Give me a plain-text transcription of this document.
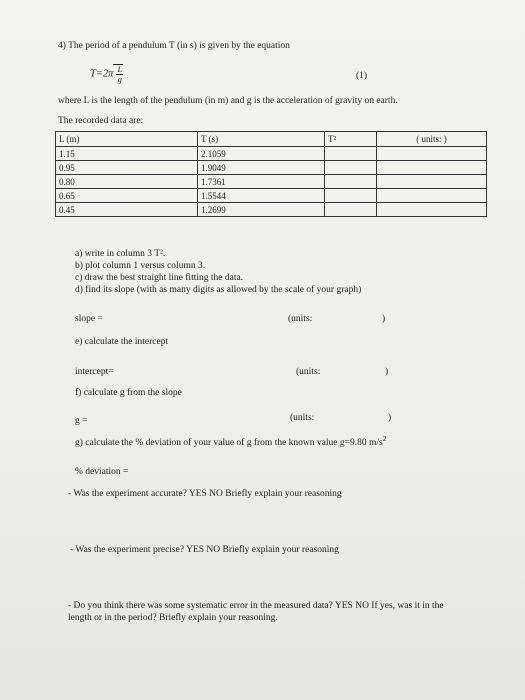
4) The period of a pendulum T (in s) is given by the equation
$T=2\pi \frac{L}{g}$	(1)
where L is the length of the pendulum (in m) and g is the acceleration of gravity on earth.
The recorded data are:
L (m)	T (s)	T²	( units: )
1.15	2.1059		
0.95	1.9049		
0.80	1.7361		
0.65	1.5544		
0.45	1.2699		
a) write in column 3 T².
b) plot column 1 versus column 3.
c) draw the best straight line fitting the data.
d) find its slope (with as many digits as allowed by the scale of your graph)
slope =	(units:	)
e) calculate the intercept
intercept=	(units:	)
f) calculate g from the slope
g =	(units:	)
g) calculate the % deviation of your value of g from the known value g=9.80 $m/s^2$
% deviation =
- Was the experiment accurate? YES NO Briefly explain your reasoning
- Was the experiment precise? YES NO Briefly explain your reasoning
- Do you think there was some systematic error in the measured data? YES NO If yes, was it in the
length or in the period? Briefly explain your reasoning.
